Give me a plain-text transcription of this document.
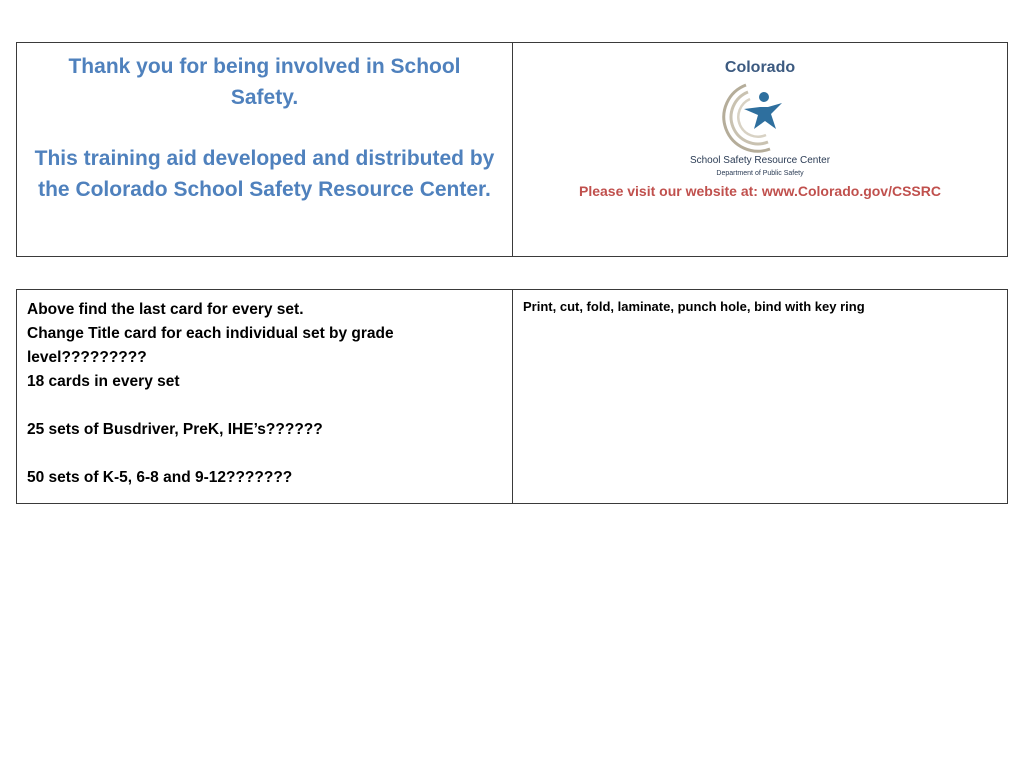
Thank you for being involved in School Safety.

This training aid developed and distributed by the Colorado School Safety Resource Center.

Colorado
School Safety Resource Center
Department of Public Safety
Please visit our website at: www.Colorado.gov/CSSRC
Above find the last card for every set.
Change Title card for each individual set by grade level?????????
18 cards in every set
25 sets of Busdriver, PreK, IHE’s??????
50 sets of K-5, 6-8 and 9-12???????
Print, cut, fold, laminate, punch hole, bind with key ring
